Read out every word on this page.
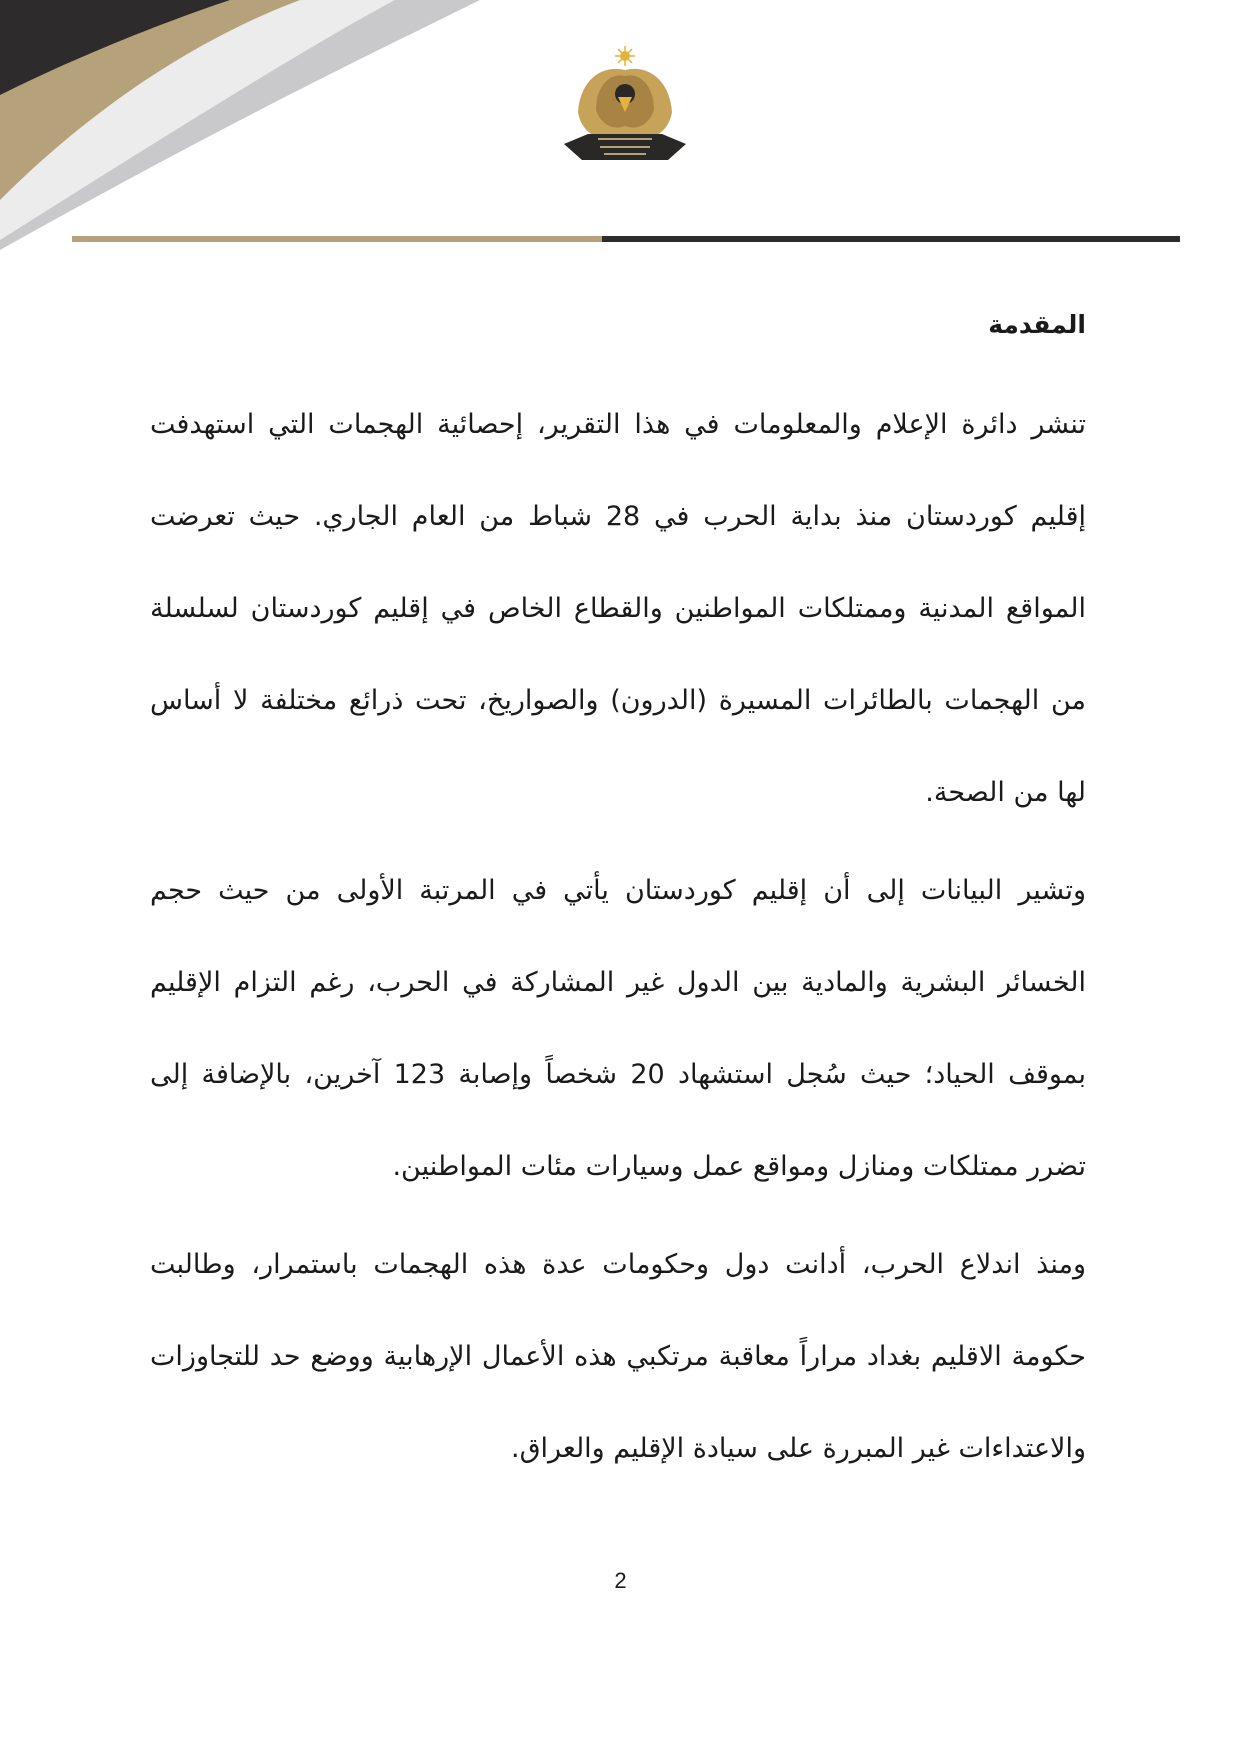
المقدمة

تنشر دائرة الإعلام والمعلومات في هذا التقرير، إحصائية الهجمات التي استهدفت إقليم كوردستان منذ بداية الحرب في 28 شباط من العام الجاري. حيث تعرضت المواقع المدنية وممتلكات المواطنين والقطاع الخاص في إقليم كوردستان لسلسلة من الهجمات بالطائرات المسيرة (الدرون) والصواريخ، تحت ذرائع مختلفة لا أساس لها من الصحة.

وتشير البيانات إلى أن إقليم كوردستان يأتي في المرتبة الأولى من حيث حجم الخسائر البشرية والمادية بين الدول غير المشاركة في الحرب، رغم التزام الإقليم بموقف الحياد؛ حيث سُجل استشهاد 20 شخصاً وإصابة 123 آخرين، بالإضافة إلى تضرر ممتلكات ومنازل ومواقع عمل وسيارات مئات المواطنين.

ومنذ اندلاع الحرب، أدانت دول وحكومات عدة هذه الهجمات باستمرار، وطالبت حكومة الاقليم بغداد مراراً معاقبة مرتكبي هذه الأعمال الإرهابية ووضع حد للتجاوزات والاعتداءات غير المبررة على سيادة الإقليم والعراق.

2
